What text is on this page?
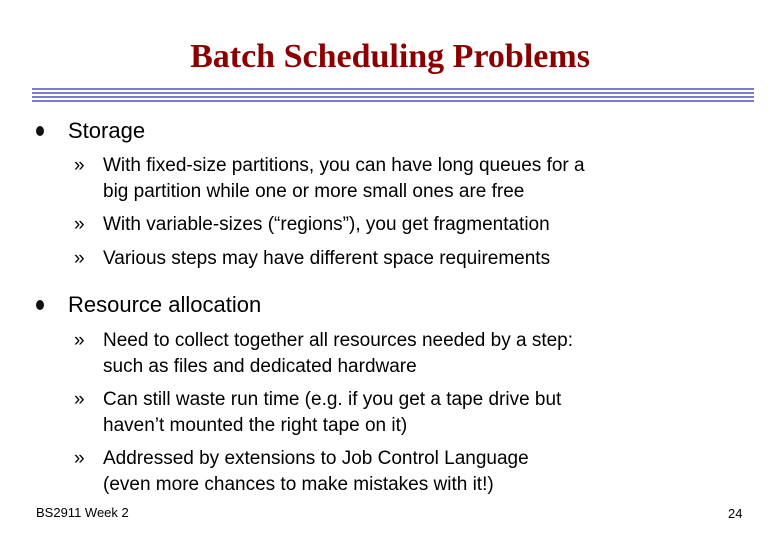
Batch Scheduling Problems
Storage
» With fixed-size partitions, you can have long queues for a
big partition while one or more small ones are free
» With variable-sizes (“regions”), you get fragmentation
» Various steps may have different space requirements
Resource allocation
» Need to collect together all resources needed by a step:
such as files and dedicated hardware
» Can still waste run time (e.g. if you get a tape drive but
haven’t mounted the right tape on it)
» Addressed by extensions to Job Control Language
(even more chances to make mistakes with it!)
BS2911 Week 2	24
